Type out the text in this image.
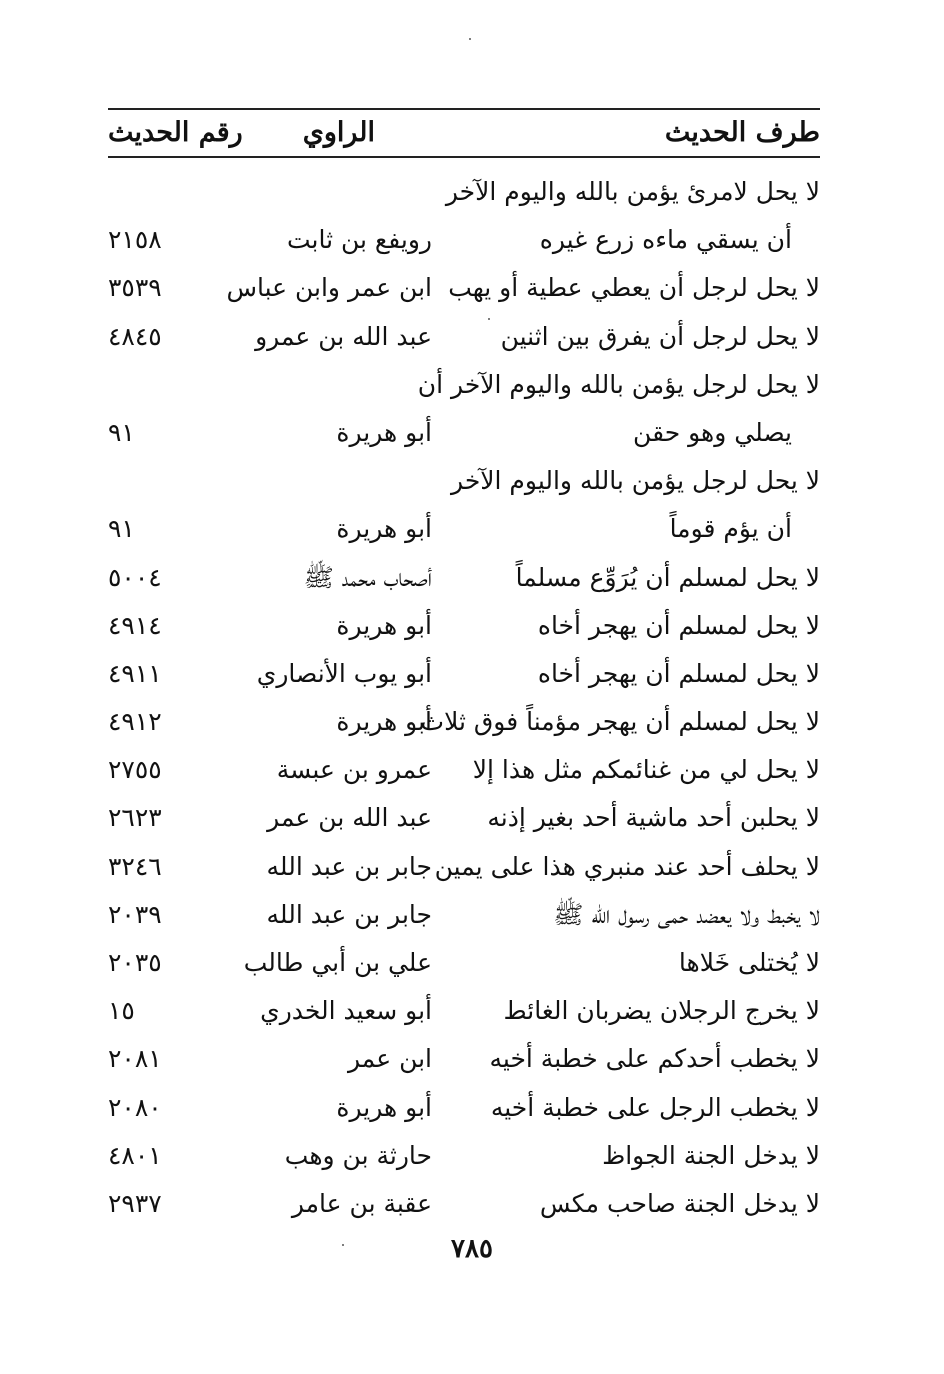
طرف الحديث
الراوي
رقم الحديث
لا يحل لامرئ يؤمن بالله واليوم الآخر
أن يسقي ماءه زرع غيره
رويفع بن ثابت
٢١٥٨
لا يحل لرجل أن يعطي عطية أو يهب
ابن عمر وابن عباس
٣٥٣٩
لا يحل لرجل أن يفرق بين اثنين
عبد الله بن عمرو
٤٨٤٥
لا يحل لرجل يؤمن بالله واليوم الآخر أن
يصلي وهو حقن
أبو هريرة
٩١
لا يحل لرجل يؤمن بالله واليوم الآخر
أن يؤم قوماً
أبو هريرة
٩١
لا يحل لمسلم أن يُرَوِّع مسلماً
أصحاب محمد ﷺ
٥٠٠٤
لا يحل لمسلم أن يهجر أخاه
أبو هريرة
٤٩١٤
لا يحل لمسلم أن يهجر أخاه
أبو يوب الأنصاري
٤٩١١
لا يحل لمسلم أن يهجر مؤمناً فوق ثلاث
أبو هريرة
٤٩١٢
لا يحل لي من غنائمكم مثل هذا إلا
عمرو بن عبسة
٢٧٥٥
لا يحلبن أحد ماشية أحد بغير إذنه
عبد الله بن عمر
٢٦٢٣
لا يحلف أحد عند منبري هذا على يمين
جابر بن عبد الله
٣٢٤٦
لا يخبط ولا يعضد حمى رسول الله ﷺ
جابر بن عبد الله
٢٠٣٩
لا يُختلى خَلاها
علي بن أبي طالب
٢٠٣٥
لا يخرج الرجلان يضربان الغائط
أبو سعيد الخدري
١٥
لا يخطب أحدكم على خطبة أخيه
ابن عمر
٢٠٨١
لا يخطب الرجل على خطبة أخيه
أبو هريرة
٢٠٨٠
لا يدخل الجنة الجواظ
حارثة بن وهب
٤٨٠١
لا يدخل الجنة صاحب مكس
عقبة بن عامر
٢٩٣٧
٧٨٥
